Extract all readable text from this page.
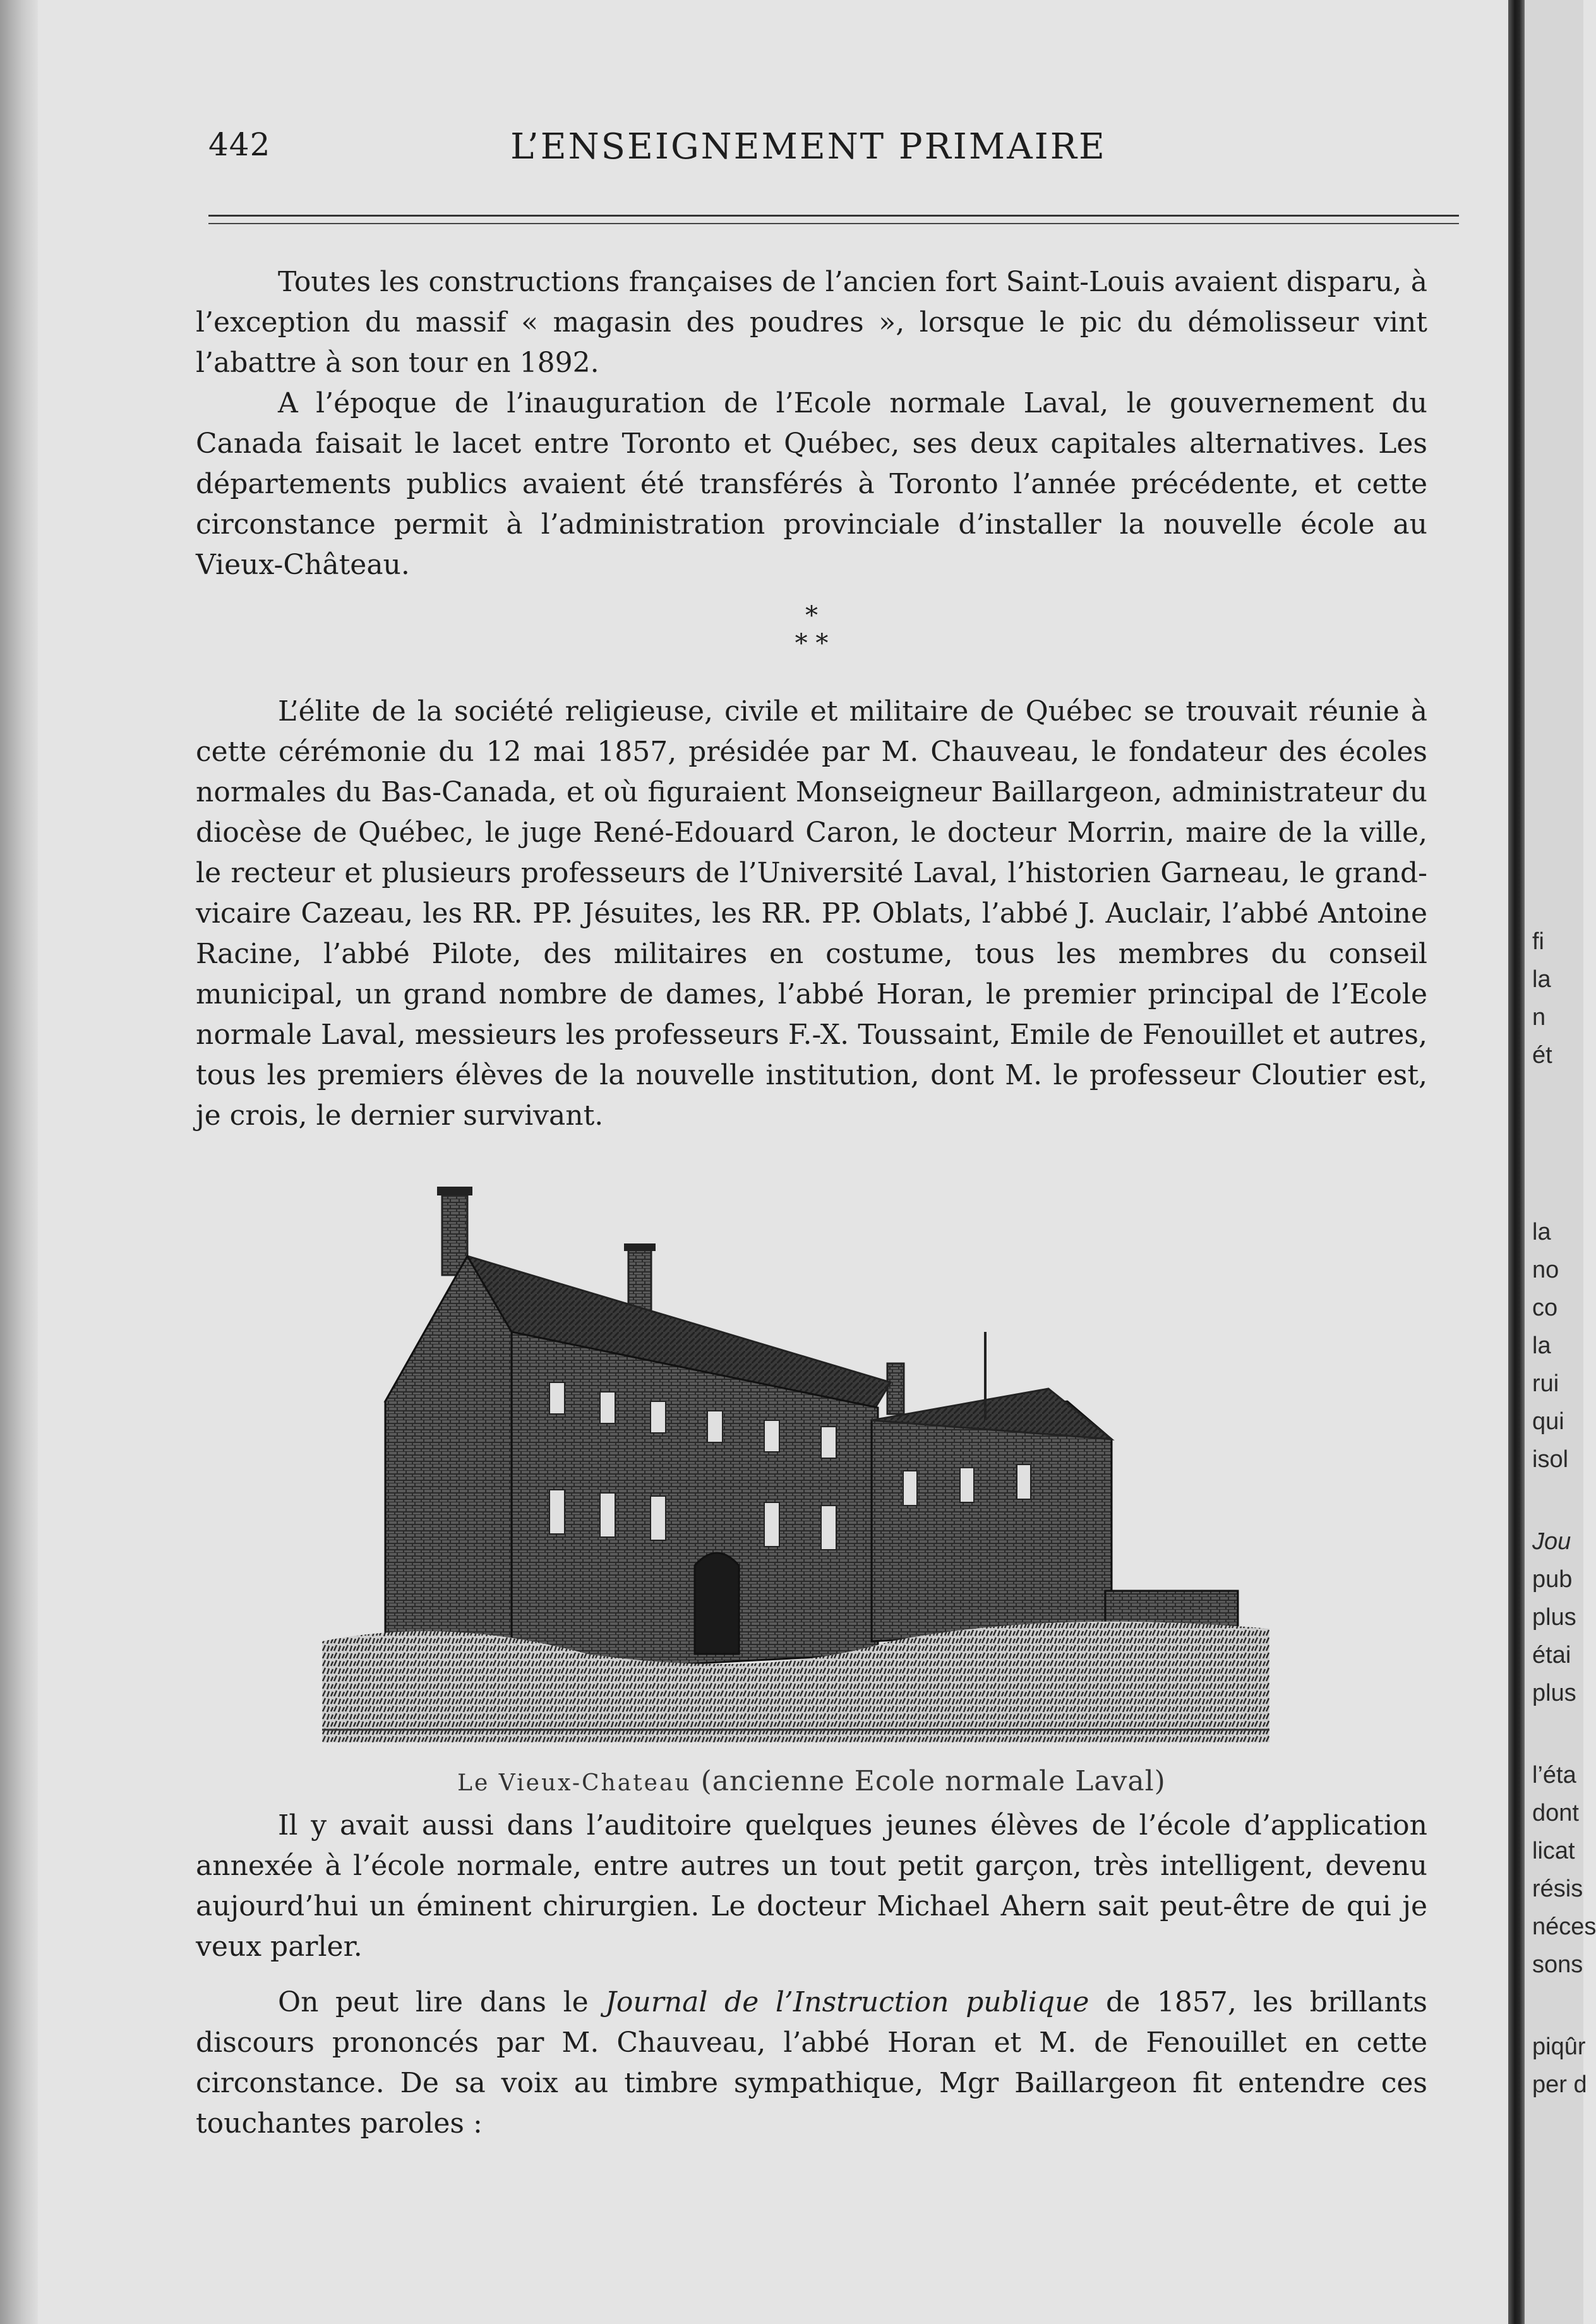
442	L’ENSEIGNEMENT PRIMAIRE

Toutes les constructions françaises de l’ancien fort Saint-Louis avaient disparu, à l’exception du massif « magasin des poudres », lorsque le pic du démolisseur vint l’abattre à son tour en 1892.

A l’époque de l’inauguration de l’Ecole normale Laval, le gouvernement du Canada faisait le lacet entre Toronto et Québec, ses deux capitales alternatives. Les départements publics avaient été transférés à Toronto l’année précédente, et cette circonstance permit à l’administration provinciale d’installer la nouvelle école au Vieux-Château.

*
* *

L’élite de la société religieuse, civile et militaire de Québec se trouvait réunie à cette cérémonie du 12 mai 1857, présidée par M. Chauveau, le fondateur des écoles normales du Bas-Canada, et où figuraient Monseigneur Baillargeon, administrateur du diocèse de Québec, le juge René-Edouard Caron, le docteur Morrin, maire de la ville, le recteur et plusieurs professeurs de l’Université Laval, l’historien Garneau, le grand-vicaire Cazeau, les RR. PP. Jésuites, les RR. PP. Oblats, l’abbé J. Auclair, l’abbé Antoine Racine, l’abbé Pilote, des militaires en costume, tous les membres du conseil municipal, un grand nombre de dames, l’abbé Horan, le premier principal de l’Ecole normale Laval, messieurs les professeurs F.-X. Toussaint, Emile de Fenouillet et autres, tous les premiers élèves de la nouvelle institution, dont M. le professeur Cloutier est, je crois, le dernier survivant.

Le Vieux-Chateau (ancienne Ecole normale Laval)

Il y avait aussi dans l’auditoire quelques jeunes élèves de l’école d’application annexée à l’école normale, entre autres un tout petit garçon, très intelligent, devenu aujourd’hui un éminent chirurgien. Le docteur Michael Ahern sait peut-être de qui je veux parler.

On peut lire dans le Journal de l’Instruction publique de 1857, les brillants discours prononcés par M. Chauveau, l’abbé Horan et M. de Fenouillet en cette circonstance. De sa voix au timbre sympathique, Mgr Baillargeon fit entendre ces touchantes paroles :

fi
la
n
ét
la
no
co
la
rui
qui
isol
Jou
pub
plus
étai
plus
l’éta
dont
licat
résis
néces
sons
piqûr
per d
